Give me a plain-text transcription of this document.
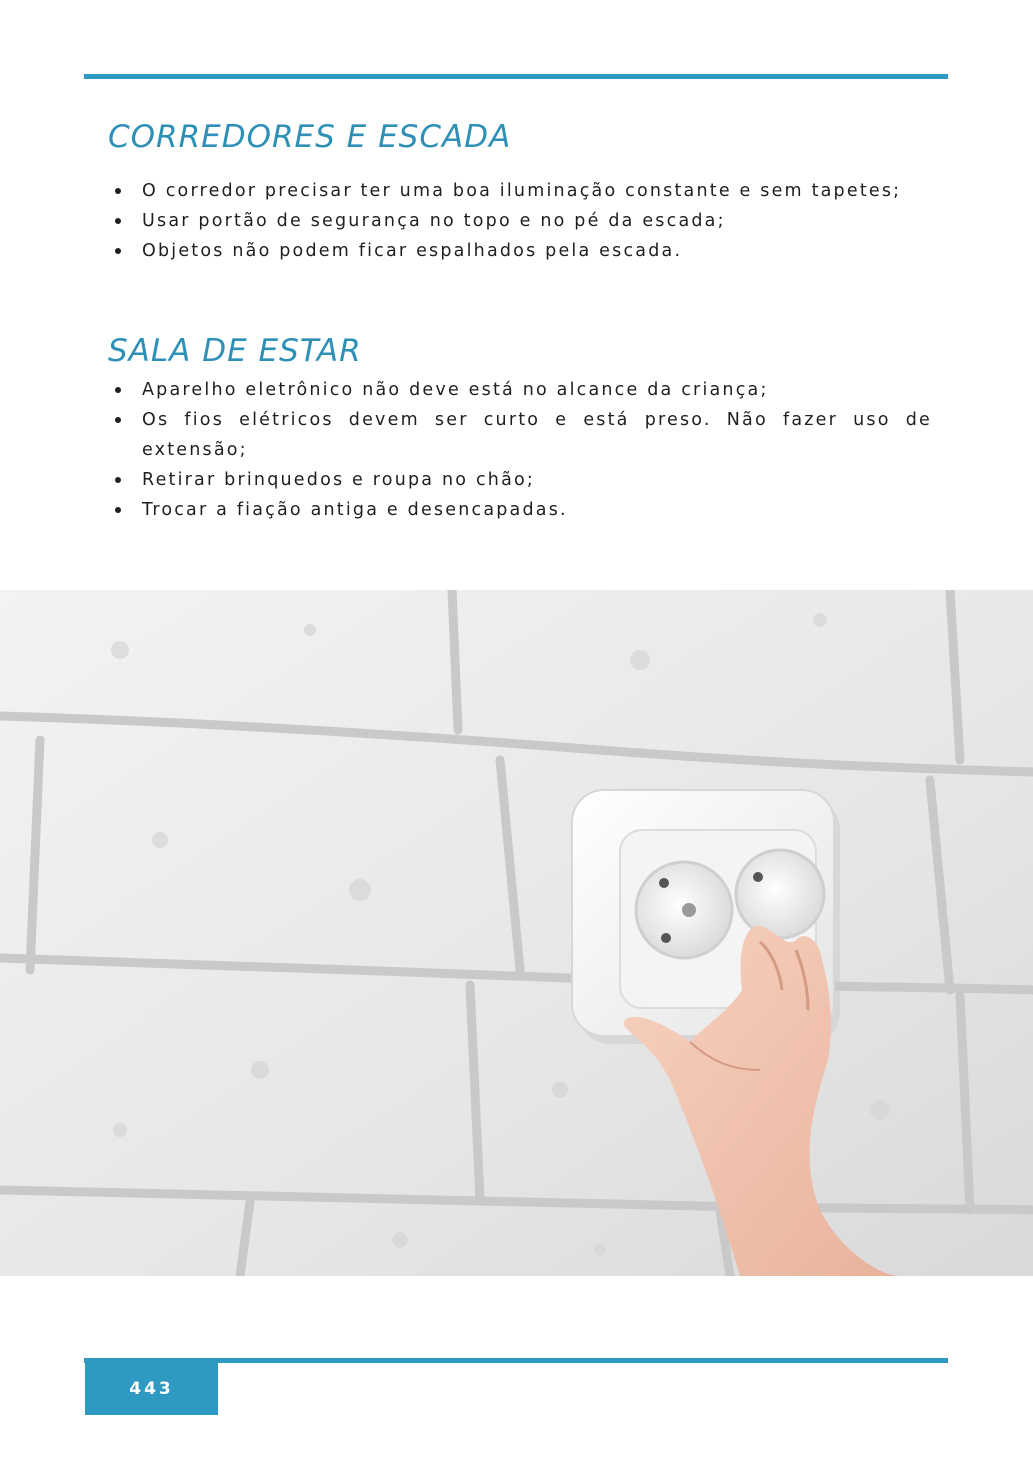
CORREDORES E ESCADA
O corredor precisar ter uma boa iluminação constante e sem tapetes;
Usar portão de segurança no topo e no pé da escada;
Objetos não podem ficar espalhados pela escada.
SALA DE ESTAR
Aparelho eletrônico não deve está no alcance da criança;
Os fios elétricos devem ser curto e está preso. Não fazer uso de extensão;
Retirar brinquedos e roupa no chão;
Trocar a fiação antiga e desencapadas.
443
